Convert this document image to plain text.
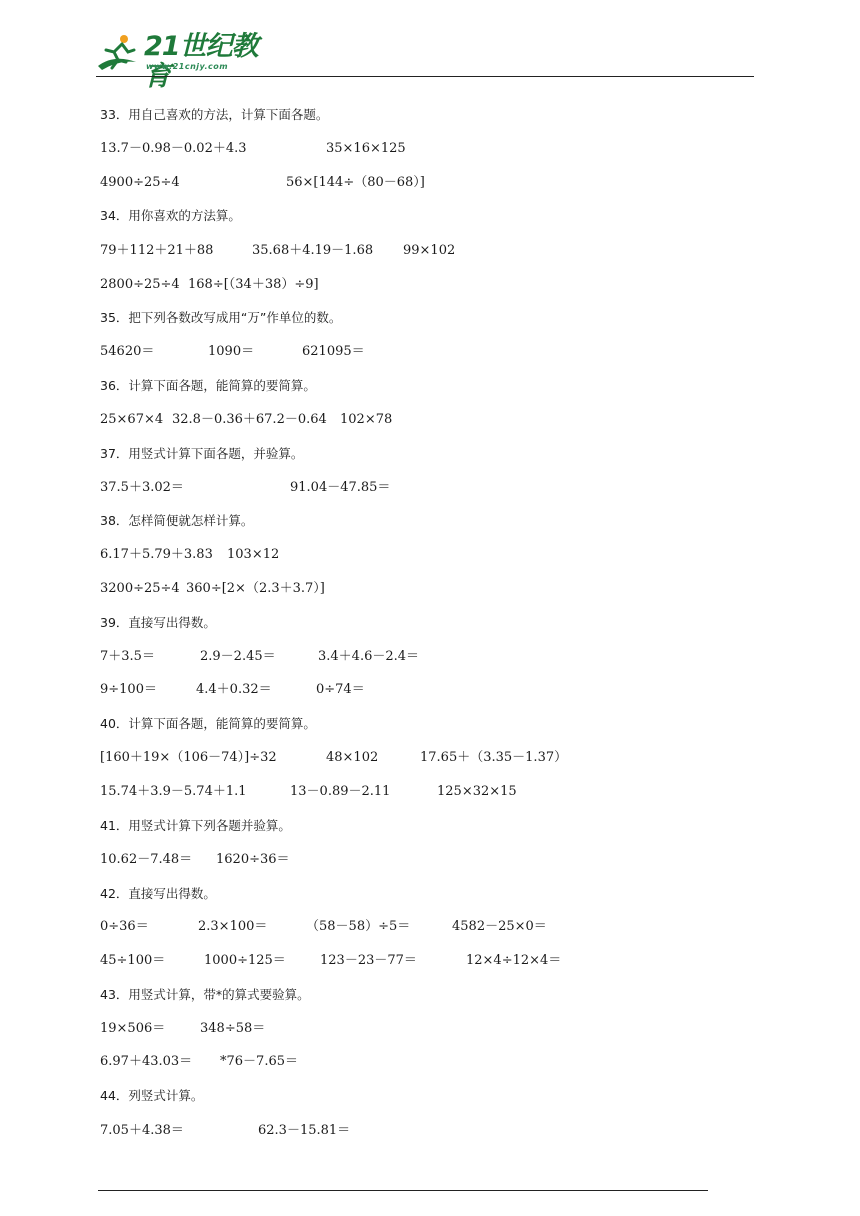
21世纪教育
www.21cnjy.com
33．用自己喜欢的方法，计算下面各题。
13.7－0.98－0.02＋4.3	35×16×125
4900÷25÷4	56×[144÷（80－68）]
34．用你喜欢的方法算。
79＋112＋21＋88	35.68＋4.19－1.68 99×102
2800÷25÷4 168÷[（34＋38）÷9]
35．把下列各数改写成用“万”作单位的数。
54620＝	1090＝	621095＝
36．计算下面各题，能简算的要简算。
25×67×4 32.8－0.36＋67.2－0.64 102×78
37．用竖式计算下面各题，并验算。
37.5＋3.02＝	91.04－47.85＝
38．怎样简便就怎样计算。
6.17＋5.79＋3.83 103×12
3200÷25÷4 360÷[2×（2.3＋3.7）]
39．直接写出得数。
7＋3.5＝	2.9－2.45＝	3.4＋4.6－2.4＝
9÷100＝	4.4＋0.32＝	0÷74＝
40．计算下面各题，能简算的要简算。
[160＋19×（106－74）]÷32	48×102	17.65＋（3.35－1.37）
15.74＋3.9－5.74＋1.1	13－0.89－2.11	125×32×15
41．用竖式计算下列各题并验算。
10.62－7.48＝ 1620÷36＝
42．直接写出得数。
0÷36＝	2.3×100＝	（58－58）÷5＝	4582－25×0＝
45÷100＝	1000÷125＝	123－23－77＝	12×4÷12×4＝
43．用竖式计算，带*的算式要验算。
19×506＝	348÷58＝
6.97＋43.03＝ *76－7.65＝
44．列竖式计算。
7.05＋4.38＝	62.3－15.81＝
